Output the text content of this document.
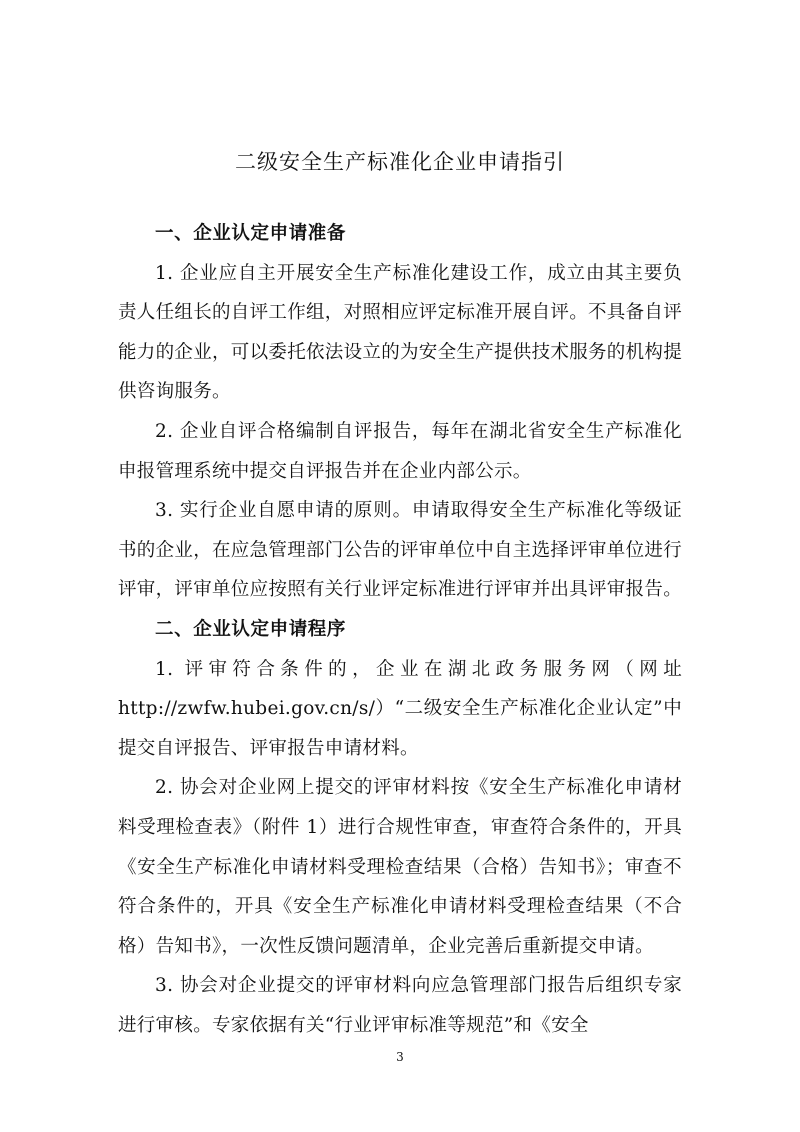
二级安全生产标准化企业申请指引

一、企业认定申请准备

1. 企业应自主开展安全生产标准化建设工作，成立由其主要负责人任组长的自评工作组，对照相应评定标准开展自评。不具备自评能力的企业，可以委托依法设立的为安全生产提供技术服务的机构提供咨询服务。

2. 企业自评合格编制自评报告，每年在湖北省安全生产标准化申报管理系统中提交自评报告并在企业内部公示。

3. 实行企业自愿申请的原则。申请取得安全生产标准化等级证书的企业，在应急管理部门公告的评审单位中自主选择评审单位进行评审，评审单位应按照有关行业评定标准进行评审并出具评审报告。

二、企业认定申请程序

1. 评审符合条件的，企业在湖北政务服务网（网址 http://zwfw.hubei.gov.cn/s/）“二级安全生产标准化企业认定”中提交自评报告、评审报告申请材料。

2. 协会对企业网上提交的评审材料按《安全生产标准化申请材料受理检查表》（附件 1）进行合规性审查，审查符合条件的，开具《安全生产标准化申请材料受理检查结果（合格）告知书》；审查不符合条件的，开具《安全生产标准化申请材料受理检查结果（不合格）告知书》，一次性反馈问题清单，企业完善后重新提交申请。

3. 协会对企业提交的评审材料向应急管理部门报告后组织专家进行审核。专家依据有关“行业评审标准等规范”和《安全

3
